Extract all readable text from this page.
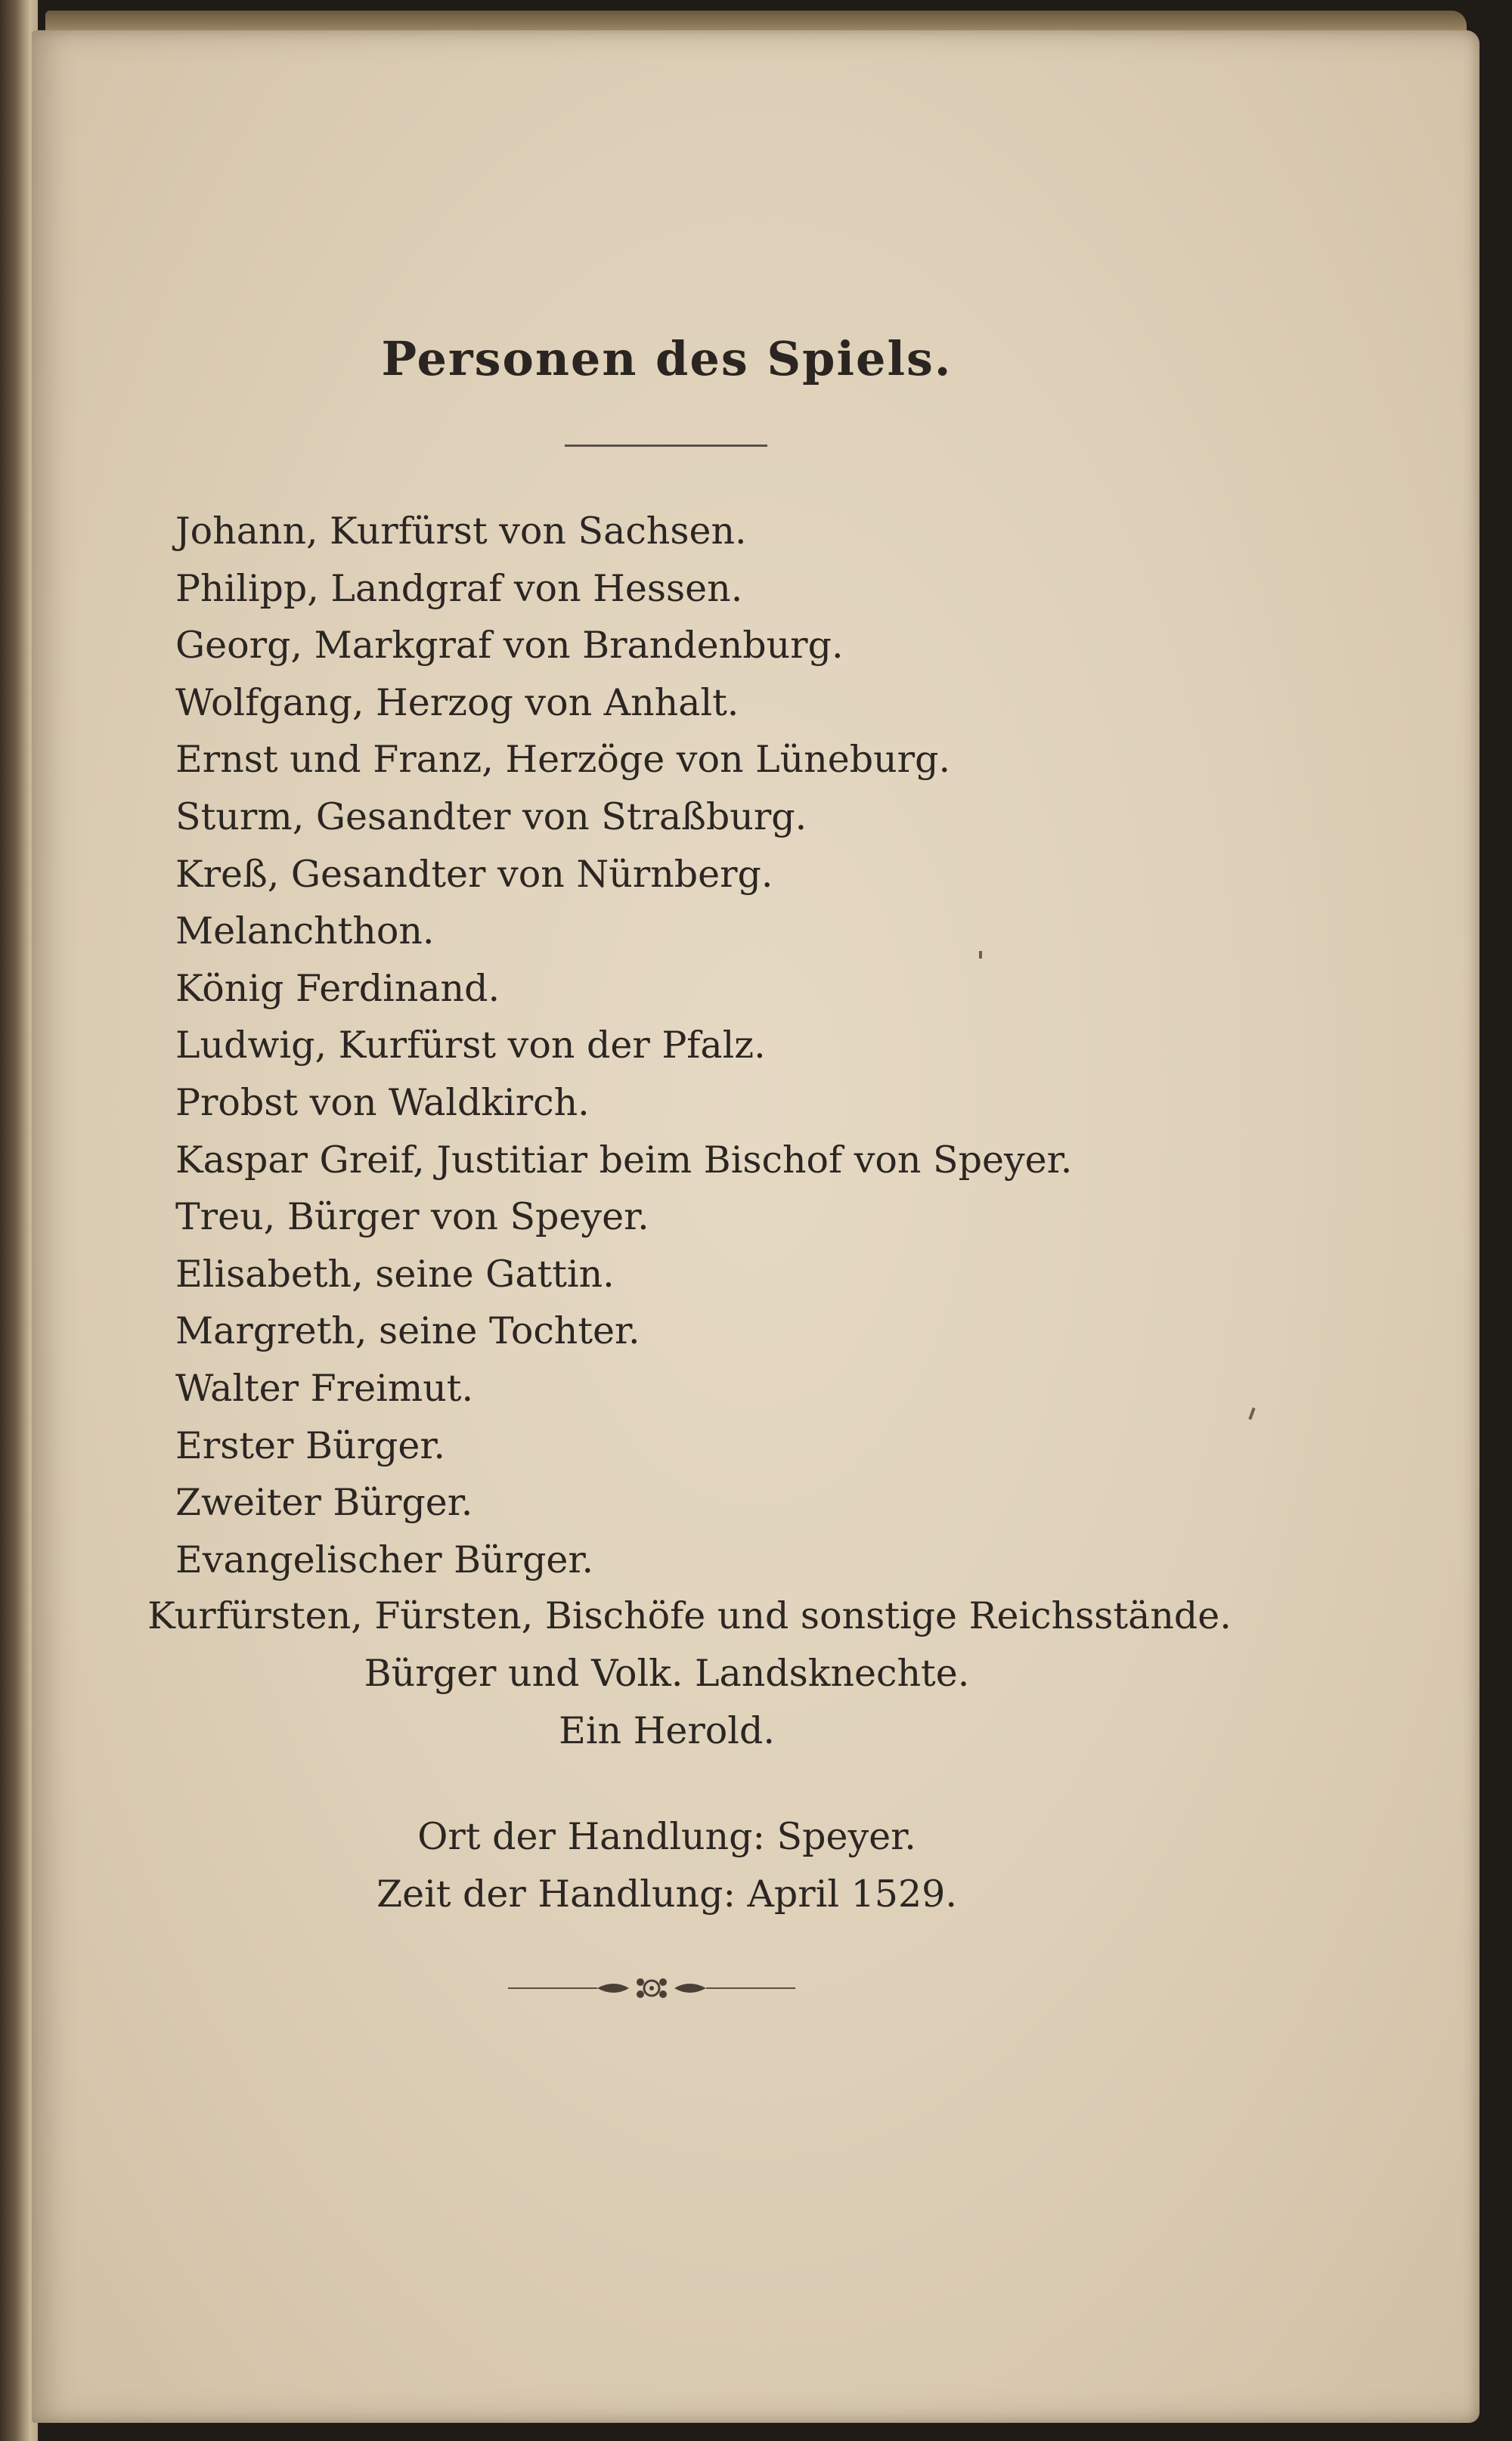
Personen des Spiels.
Johann, Kurfürst von Sachsen.
Philipp, Landgraf von Hessen.
Georg, Markgraf von Brandenburg.
Wolfgang, Herzog von Anhalt.
Ernst und Franz, Herzöge von Lüneburg.
Sturm, Gesandter von Straßburg.
Kreß, Gesandter von Nürnberg.
Melanchthon.
König Ferdinand.
Ludwig, Kurfürst von der Pfalz.
Probst von Waldkirch.
Kaspar Greif, Justitiar beim Bischof von Speyer.
Treu, Bürger von Speyer.
Elisabeth, seine Gattin.
Margreth, seine Tochter.
Walter Freimut.
Erster Bürger.
Zweiter Bürger.
Evangelischer Bürger.
Kurfürsten, Fürsten, Bischöfe und sonstige Reichsstände.
Bürger und Volk. Landsknechte.
Ein Herold.
Ort der Handlung: Speyer.
Zeit der Handlung: April 1529.
